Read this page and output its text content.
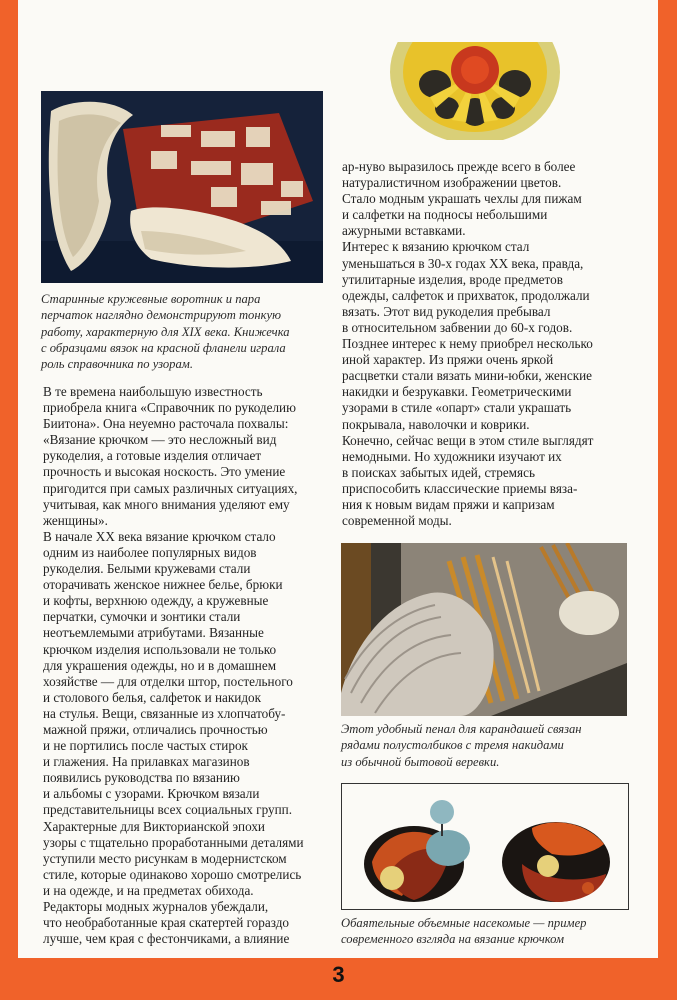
Старинные кружевные воротник и пара
перчаток наглядно демонстрируют тонкую
работу, характерную для XIX века. Книжечка
с образцами вязок на красной фланели играла
роль справочника по узорам.

В те времена наибольшую известность
приобрела книга «Справочник по рукоделию
Биитона». Она неуемно расточала похвалы:
«Вязание крючком — это несложный вид
рукоделия, а готовые изделия отличает
прочность и высокая носкость. Это умение
пригодится при самых различных ситуациях,
учитывая, как много внимания уделяют ему
женщины».
В начале XX века вязание крючком стало
одним из наиболее популярных видов
рукоделия. Белыми кружевами стали
оторачивать женское нижнее белье, брюки
и кофты, верхнюю одежду, а кружевные
перчатки, сумочки и зонтики стали
неотъемлемыми атрибутами. Вязанные
крючком изделия использовали не только
для украшения одежды, но и в домашнем
хозяйстве — для отделки штор, постельного
и столового белья, салфеток и накидок
на стулья. Вещи, связанные из хлопчатобу-
мажной пряжи, отличались прочностью
и не портились после частых стирок
и глажения. На прилавках магазинов
появились руководства по вязанию
и альбомы с узорами. Крючком вязали
представительницы всех социальных групп.
Характерные для Викторианской эпохи
узоры с тщательно проработанными деталями
уступили место рисункам в модернистском
стиле, которые одинаково хорошо смотрелись
и на одежде, и на предметах обихода.
Редакторы модных журналов убеждали,
что необработанные края скатертей гораздо
лучше, чем края с фестончиками, а влияние
ар-нуво выразилось прежде всего в более
натуралистичном изображении цветов.
Стало модным украшать чехлы для пижам
и салфетки на подносы небольшими
ажурными вставками.
Интерес к вязанию крючком стал
уменьшаться в 30-х годах XX века, правда,
утилитарные изделия, вроде предметов
одежды, салфеток и прихваток, продолжали
вязать. Этот вид рукоделия пребывал
в относительном забвении до 60-х годов.
Позднее интерес к нему приобрел несколько
иной характер. Из пряжи очень яркой
расцветки стали вязать мини-юбки, женские
накидки и безрукавки. Геометрическими
узорами в стиле «опарт» стали украшать
покрывала, наволочки и коврики.
Конечно, сейчас вещи в этом стиле выглядят
немодными. Но художники изучают их
в поисках забытых идей, стремясь
приспособить классические приемы вяза-
ния к новым видам пряжи и капризам
современной моды.

Этот удобный пенал для карандашей связан
рядами полустолбиков с тремя накидами
из обычной бытовой веревки.

Обаятельные объемные насекомые — пример
современного взгляда на вязание крючком

3
